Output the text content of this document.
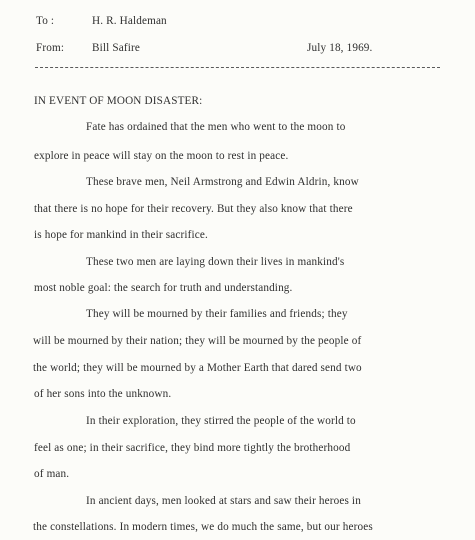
To :	H. R. Haldeman
From: Bill Safire	July 18, 1969.
IN EVENT OF MOON DISASTER:
Fate has ordained that the men who went to the moon to
explore in peace will stay on the moon to rest in peace.
These brave men, Neil Armstrong and Edwin Aldrin, know
that there is no hope for their recovery. But they also know that there
is hope for mankind in their sacrifice.
These two men are laying down their lives in mankind's
most noble goal: the search for truth and understanding.
They will be mourned by their families and friends; they
will be mourned by their nation; they will be mourned by the people of
the world; they will be mourned by a Mother Earth that dared send two
of her sons into the unknown.
In their exploration, they stirred the people of the world to
feel as one; in their sacrifice, they bind more tightly the brotherhood
of man.
In ancient days, men looked at stars and saw their heroes in
the constellations. In modern times, we do much the same, but our heroes
